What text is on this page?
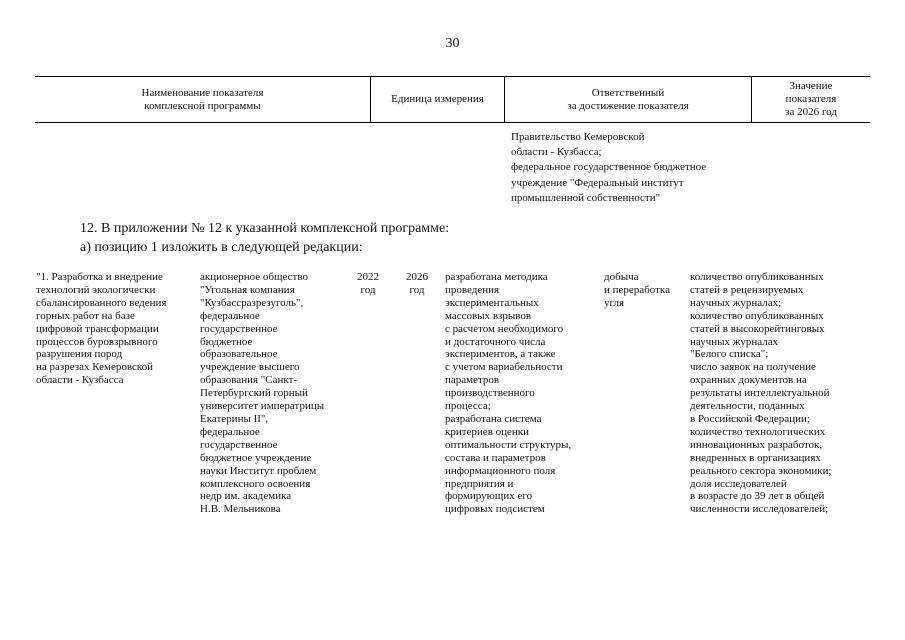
30
Наименование показателя
комплексной программы
Единица измерения
Ответственный
за достижение показателя
Значение
показателя
за 2026 год
Правительство Кемеровской
области - Кузбасса;
федеральное государственное бюджетное
учреждение "Федеральный институт
промышленной собственности"
12. В приложении № 12 к указанной комплексной программе:
а) позицию 1 изложить в следующей редакции:
"1. Разработка и внедрение
технологий экологически
сбалансированного ведения
горных работ на базе
цифровой трансформации
процессов буровзрывного
разрушения пород
на разрезах Кемеровской
области - Кузбасса
акционерное общество
"Угольная компания
"Кузбассразрезуголь",
федеральное
государственное
бюджетное
образовательное
учреждение высшего
образования "Санкт-
Петербургский горный
университет императрицы
Екатерины II",
федеральное
государственное
бюджетное учреждение
науки Институт проблем
комплексного освоения
недр им. академика
Н.В. Мельникова
2022
год
2026
год
разработана методика
проведения
экспериментальных
массовых взрывов
с расчетом необходимого
и достаточного числа
экспериментов, а также
с учетом вариабельности
параметров
производственного
процесса;
разработана система
критериев оценки
оптимальности структуры,
состава и параметров
информационного поля
предприятия и
формирующих его
цифровых подсистем
добыча
и переработка
угля
количество опубликованных
статей в рецензируемых
научных журналах;
количество опубликованных
статей в высокорейтинговых
научных журналах
"Белого списка";
число заявок на получение
охранных документов на
результаты интеллектуальной
деятельности, поданных
в Российской Федерации;
количество технологических
инновационных разработок,
внедренных в организациях
реального сектора экономики;
доля исследователей
в возрасте до 39 лет в общей
численности исследователей;
